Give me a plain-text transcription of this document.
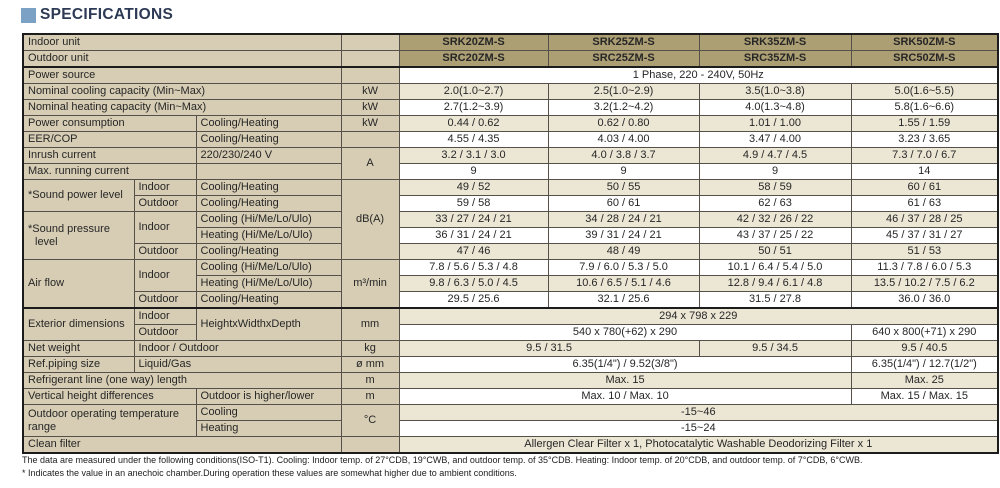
SPECIFICATIONS
Indoor unit				SRK20ZM-S	SRK25ZM-S	SRK35ZM-S	SRK50ZM-S
Outdoor unit				SRC20ZM-S	SRC25ZM-S	SRC35ZM-S	SRC50ZM-S
Power source				1 Phase, 220 - 240V, 50Hz			
Nominal cooling capacity (Min~Max)			kW	2.0(1.0~2.7)	2.5(1.0~2.9)	3.5(1.0~3.8)	5.0(1.6~5.5)
Nominal heating capacity (Min~Max)			kW	2.7(1.2~3.9)	3.2(1.2~4.2)	4.0(1.3~4.8)	5.8(1.6~6.6)
Power consumption		Cooling/Heating	kW	0.44 / 0.62	0.62 / 0.80	1.01 / 1.00	1.55 / 1.59
EER/COP		Cooling/Heating		4.55 / 4.35	4.03 / 4.00	3.47 / 4.00	3.23 / 3.65
Inrush current		220/230/240 V	A	3.2 / 3.1 / 3.0	4.0 / 3.8 / 3.7	4.9 / 4.7 / 4.5	7.3 / 7.0 / 6.7
Max. running current				9	9	9	14
*Sound power level	Indoor	Cooling/Heating	dB(A)	49 / 52	50 / 55	58 / 59	60 / 61
	Outdoor	Cooling/Heating		59 / 58	60 / 61	62 / 63	61 / 63
*Sound pressure level	Indoor	Cooling (Hi/Me/Lo/Ulo)		33 / 27 / 24 / 21	34 / 28 / 24 / 21	42 / 32 / 26 / 22	46 / 37 / 28 / 25
		Heating (Hi/Me/Lo/Ulo)		36 / 31 / 24 / 21	39 / 31 / 24 / 21	43 / 37 / 25 / 22	45 / 37 / 31 / 27
	Outdoor	Cooling/Heating		47 / 46	48 / 49	50 / 51	51 / 53
Air flow	Indoor	Cooling (Hi/Me/Lo/Ulo)	m³/min	7.8 / 5.6 / 5.3 / 4.8	7.9 / 6.0 / 5.3 / 5.0	10.1 / 6.4 / 5.4 / 5.0	11.3 / 7.8 / 6.0 / 5.3
		Heating (Hi/Me/Lo/Ulo)		9.8 / 6.3 / 5.0 / 4.5	10.6 / 6.5 / 5.1 / 4.6	12.8 / 9.4 / 6.1 / 4.8	13.5 / 10.2 / 7.5 / 6.2
	Outdoor	Cooling/Heating		29.5 / 25.6	32.1 / 25.6	31.5 / 27.8	36.0 / 36.0
Exterior dimensions	Indoor	HeightxWidthxDepth	mm	294 x 798 x 229			
	Outdoor			540 x 780(+62) x 290			640 x 800(+71) x 290
Net weight	Indoor / Outdoor		kg	9.5 / 31.5		9.5 / 34.5	9.5 / 40.5
Ref.piping size	Liquid/Gas		ø mm	6.35(1/4") / 9.52(3/8")			6.35(1/4") / 12.7(1/2")
Refrigerant line (one way) length			m	Max. 15			Max. 25
Vertical height differences		Outdoor is higher/lower	m	Max. 10 / Max. 10			Max. 15 / Max. 15
Outdoor operating temperature range		Cooling	°C	-15~46			
		Heating		-15~24			
Clean filter				Allergen Clear Filter x 1, Photocatalytic Washable Deodorizing Filter x 1			
The data are measured under the following conditions(ISO-T1). Cooling: Indoor temp. of 27°CDB, 19°CWB, and outdoor temp. of 35°CDB. Heating: Indoor temp. of 20°CDB, and outdoor temp. of 7°CDB, 6°CWB.
* Indicates the value in an anechoic chamber.During operation these values are somewhat higher due to ambient conditions.
